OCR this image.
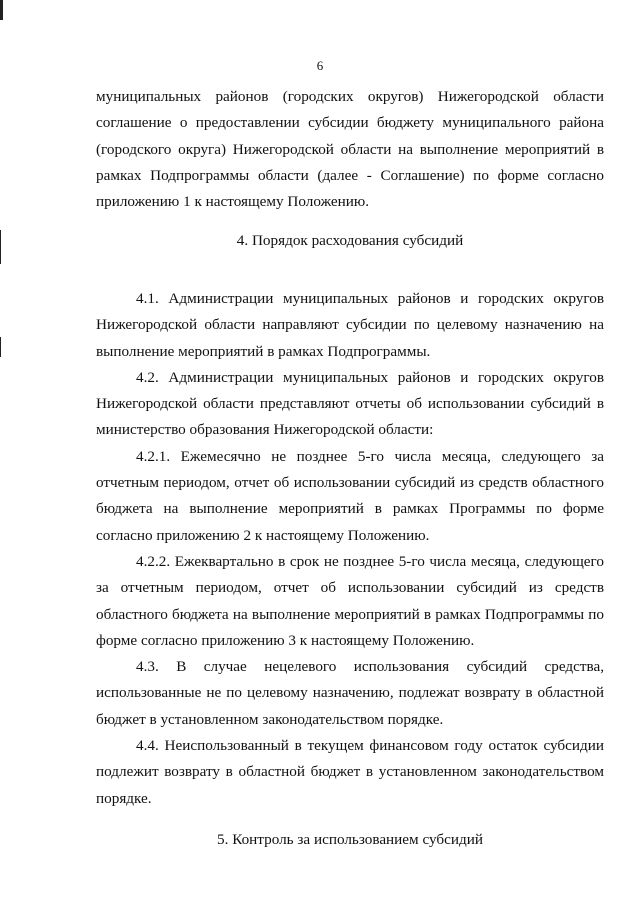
6

муниципальных районов (городских округов) Нижегородской области соглашение о предоставлении субсидии бюджету муниципального района (городского округа) Нижегородской области на выполнение мероприятий в рамках Подпрограммы области (далее - Соглашение) по форме согласно приложению 1 к настоящему Положению.

4. Порядок расходования субсидий

4.1. Администрации муниципальных районов и городских округов Нижегородской области направляют субсидии по целевому назначению на выполнение мероприятий в рамках Подпрограммы.

4.2. Администрации муниципальных районов и городских округов Нижегородской области представляют отчеты об использовании субсидий в министерство образования Нижегородской области:

4.2.1. Ежемесячно не позднее 5-го числа месяца, следующего за отчетным периодом, отчет об использовании субсидий из средств областного бюджета на выполнение мероприятий в рамках Программы по форме согласно приложению 2 к настоящему Положению.

4.2.2. Ежеквартально в срок не позднее 5-го числа месяца, следующего за отчетным периодом, отчет об использовании субсидий из средств областного бюджета на выполнение мероприятий в рамках Подпрограммы по форме согласно приложению 3 к настоящему Положению.

4.3. В случае нецелевого использования субсидий средства, использованные не по целевому назначению, подлежат возврату в областной бюджет в установленном законодательством порядке.

4.4. Неиспользованный в текущем финансовом году остаток субсидии подлежит возврату в областной бюджет в установленном законодательством порядке.

5. Контроль за использованием субсидий
